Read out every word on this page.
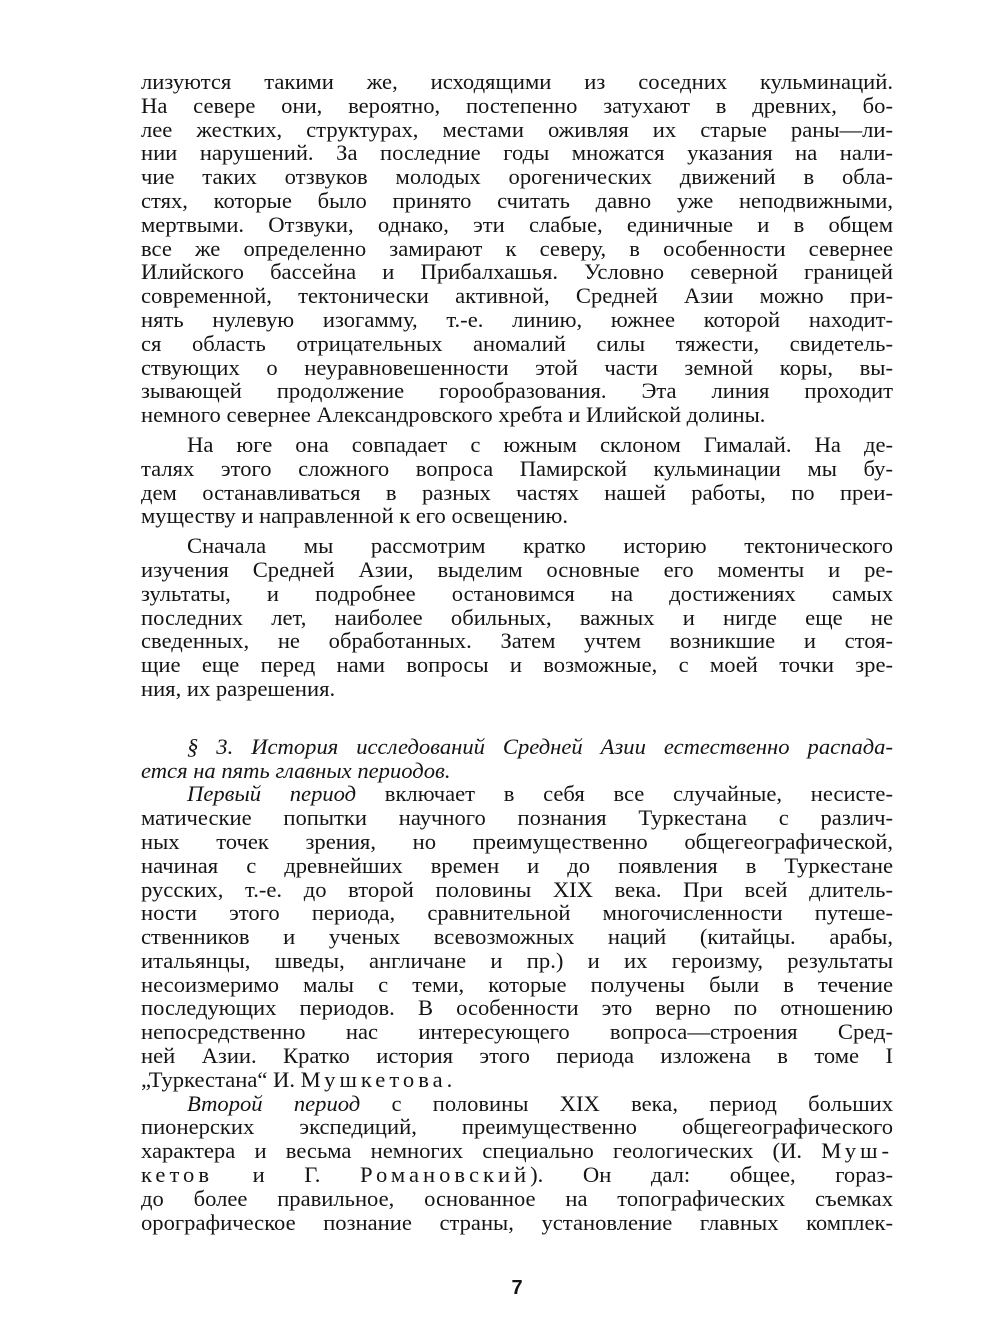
лизуются такими же, исходящими из соседних кульминаций.
На севере они, вероятно, постепенно затухают в древних, бо-
лее жестких, структурах, местами оживляя их старые раны—ли-
нии нарушений. За последние годы множатся указания на нали-
чие таких отзвуков молодых орогенических движений в обла-
стях, которые было принято считать давно уже неподвижными,
мертвыми. Отзвуки, однако, эти слабые, единичные и в общем
все же определенно замирают к северу, в особенности севернее
Илийского бассейна и Прибалхашья. Условно северной границей
современной, тектонически активной, Средней Азии можно при-
нять нулевую изогамму, т.-е. линию, южнее которой находит-
ся область отрицательных аномалий силы тяжести, свидетель-
ствующих о неуравновешенности этой части земной коры, вы-
зывающей продолжение горообразования. Эта линия проходит
немного севернее Александровского хребта и Илийской долины.

На юге она совпадает с южным склоном Гималай. На де-
талях этого сложного вопроса Памирской кульминации мы бу-
дем останавливаться в разных частях нашей работы, по преи-
муществу и направленной к его освещению.

Сначала мы рассмотрим кратко историю тектонического
изучения Средней Азии, выделим основные его моменты и ре-
зультаты, и подробнее остановимся на достижениях самых
последних лет, наиболее обильных, важных и нигде еще не
сведенных, не обработанных. Затем учтем возникшие и стоя-
щие еще перед нами вопросы и возможные, с моей точки зре-
ния, их разрешения.

§ 3. История исследований Средней Азии естественно распада-
ется на пять главных периодов.

Первый период включает в себя все случайные, несисте-
матические попытки научного познания Туркестана с различ-
ных точек зрения, но преимущественно общегеографической,
начиная с древнейших времен и до появления в Туркестане
русских, т.-е. до второй половины XIX века. При всей длитель-
ности этого периода, сравнительной многочисленности путеше-
ственников и ученых всевозможных наций (китайцы. арабы,
итальянцы, шведы, англичане и пр.) и их героизму, результаты
несоизмеримо малы с теми, которые получены были в течение
последующих периодов. В особенности это верно по отношению
непосредственно нас интересующего вопроса—строения Сред-
ней Азии. Кратко история этого периода изложена в томе I
„Туркестана“ И. Мушкетова.

Второй период с половины XIX века, период больших
пионерских экспедиций, преимущественно общегеографического
характера и весьма немногих специально геологических (И. Муш-
кетов и Г. Романовский). Он дал: общее, гораз-
до более правильное, основанное на топографических съемках
орографическое познание страны, установление главных комплек-

7
